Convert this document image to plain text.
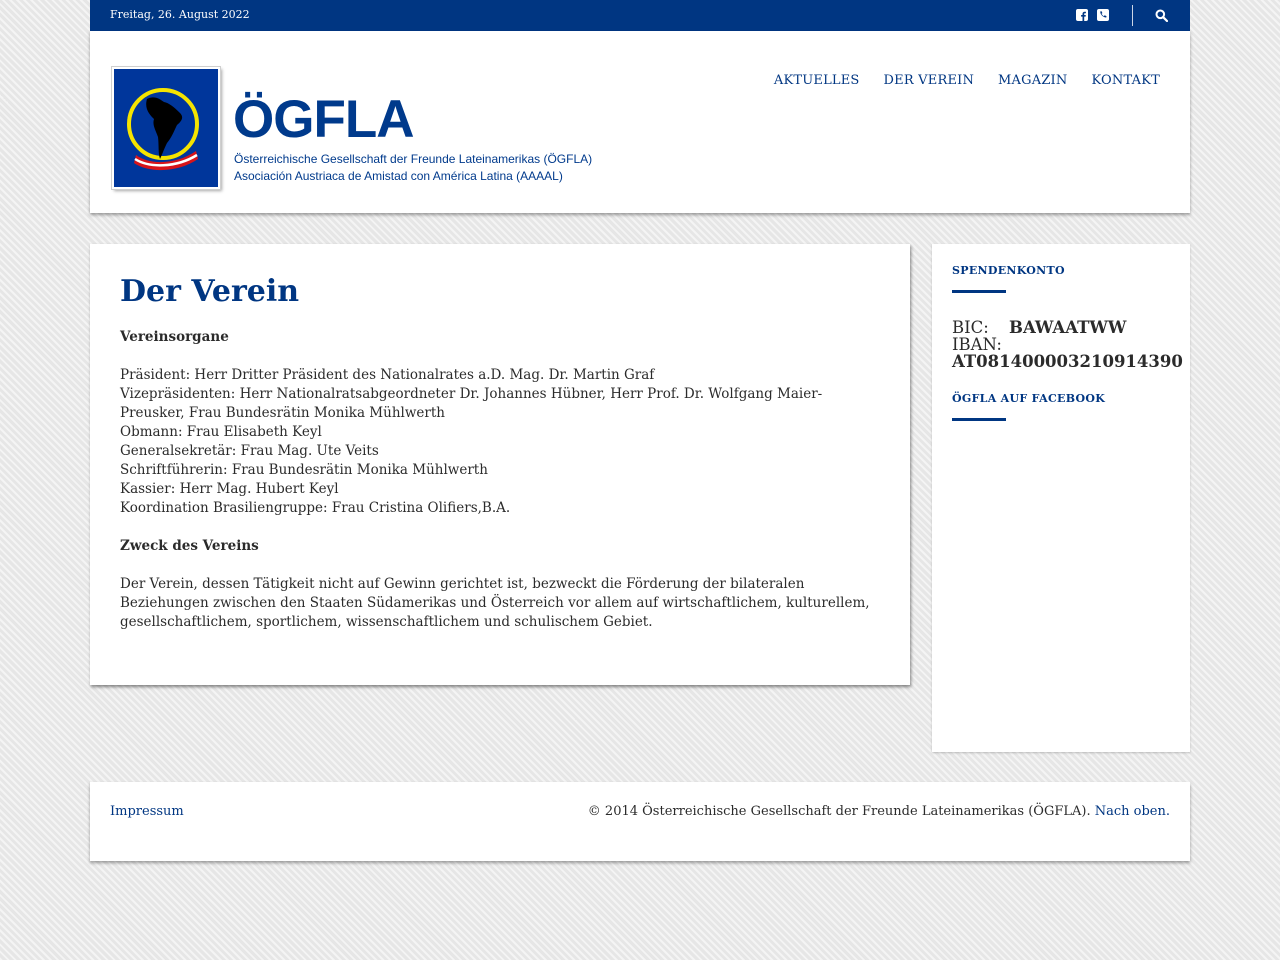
Freitag, 26. August 2022
ÖGFLA
Österreichische Gesellschaft der Freunde Lateinamerikas (ÖGFLA)
Asociación Austriaca de Amistad con América Latina (AAAAL)
AKTUELLES DER VEREIN MAGAZIN KONTAKT
Der Verein

Vereinsorgane

Präsident: Herr Dritter Präsident des Nationalrates a.D. Mag. Dr. Martin Graf

Vizepräsidenten: Herr Nationalratsabgeordneter Dr. Johannes Hübner, Herr Prof. Dr. Wolfgang Maier-Preusker, Frau Bundesrätin Monika Mühlwerth

Obmann: Frau Elisabeth Keyl

Generalsekretär: Frau Mag. Ute Veits

Schriftführerin: Frau Bundesrätin Monika Mühlwerth

Kassier: Herr Mag. Hubert Keyl

Koordination Brasiliengruppe: Frau Cristina Olifiers,B.A.

Zweck des Vereins

Der Verein, dessen Tätigkeit nicht auf Gewinn gerichtet ist, bezweckt die Förderung der bilateralen Beziehungen zwischen den Staaten Südamerikas und Österreich vor allem auf wirtschaftlichem, kulturellem, gesellschaftlichem, sportlichem, wissenschaftlichem und schulischem Gebiet.

SPENDENKONTO
BIC: BAWAATWW
IBAN:
AT081400003210914390
ÖGFLA AUF FACEBOOK
Impressum	© 2014 Österreichische Gesellschaft der Freunde Lateinamerikas (ÖGFLA). Nach oben.
